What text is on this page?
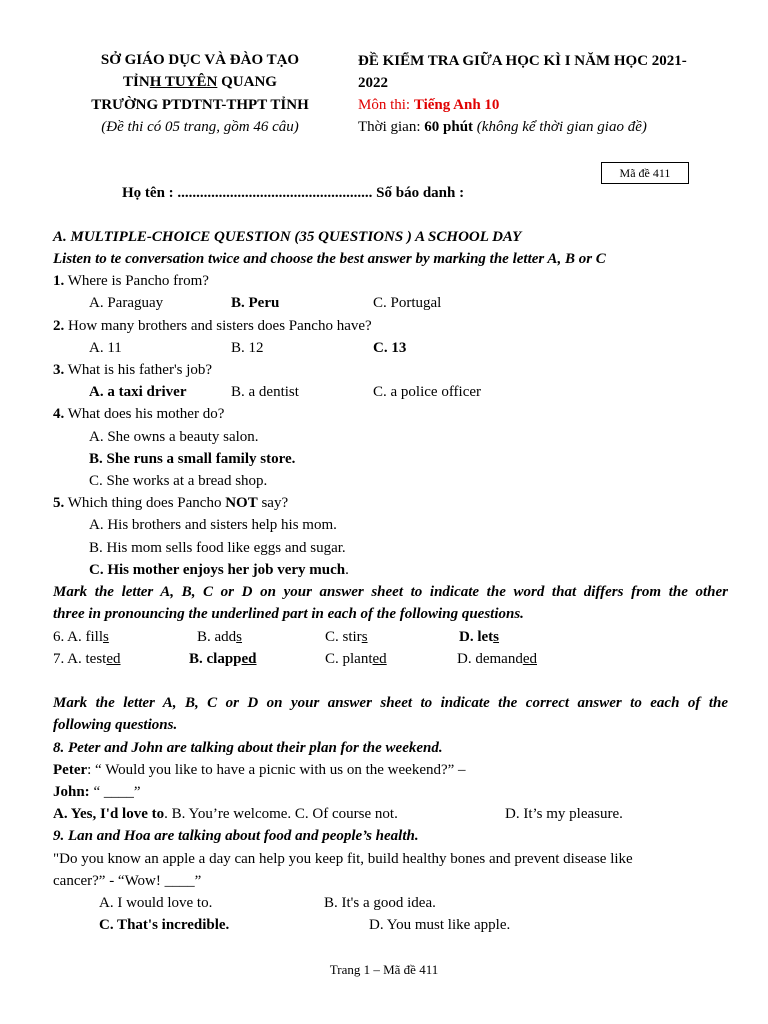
SỞ GIÁO DỤC VÀ ĐÀO TẠO
TỈNH TUYÊN QUANG
TRƯỜNG PTDTNT-THPT TỈNH
(Đề thi có 05 trang, gồm 46 câu)
ĐỀ KIỂM TRA GIỮA HỌC KÌ I NĂM HỌC 2021-
2022
Môn thi: Tiếng Anh 10
Thời gian: 60 phút (không kể thời gian giao đề)
Mã đề 411
Họ tên : .................................................... Số báo danh :
A. MULTIPLE-CHOICE QUESTION (35 QUESTIONS ) A SCHOOL DAY
Listen to te conversation twice and choose the best answer by marking the letter A, B or C
1. Where is Pancho from?
A. Paraguay	B. Peru	C. Portugal
2. How many brothers and sisters does Pancho have?
A. 11	B. 12	C. 13
3. What is his father's job?
A. a taxi driver	B. a dentist	C. a police officer
4. What does his mother do?
A. She owns a beauty salon.
B. She runs a small family store.
C. She works at a bread shop.
5. Which thing does Pancho NOT say?
A. His brothers and sisters help his mom.
B. His mom sells food like eggs and sugar.
C. His mother enjoys her job very much.
Mark the letter A, B, C or D on your answer sheet to indicate the word that differs from the other
three in pronouncing the underlined part in each of the following questions.
6. A. fills	B. adds	C. stirs	D. lets
7. A. tested	B. clapped	C. planted	D. demanded
Mark the letter A, B, C or D on your answer sheet to indicate the correct answer to each of the
following questions.
8. Peter and John are talking about their plan for the weekend.
Peter: “ Would you like to have a picnic with us on the weekend?” –
John: “ ____”
A. Yes, I'd love to. B. You’re welcome. C. Of course not.	D. It’s my pleasure.
9. Lan and Hoa are talking about food and people’s health.
"Do you know an apple a day can help you keep fit, build healthy bones and prevent disease like
cancer?” - “Wow! ____”
A. I would love to.	B. It's a good idea.
C. That's incredible.	D. You must like apple.
Trang 1 – Mã đề 411
